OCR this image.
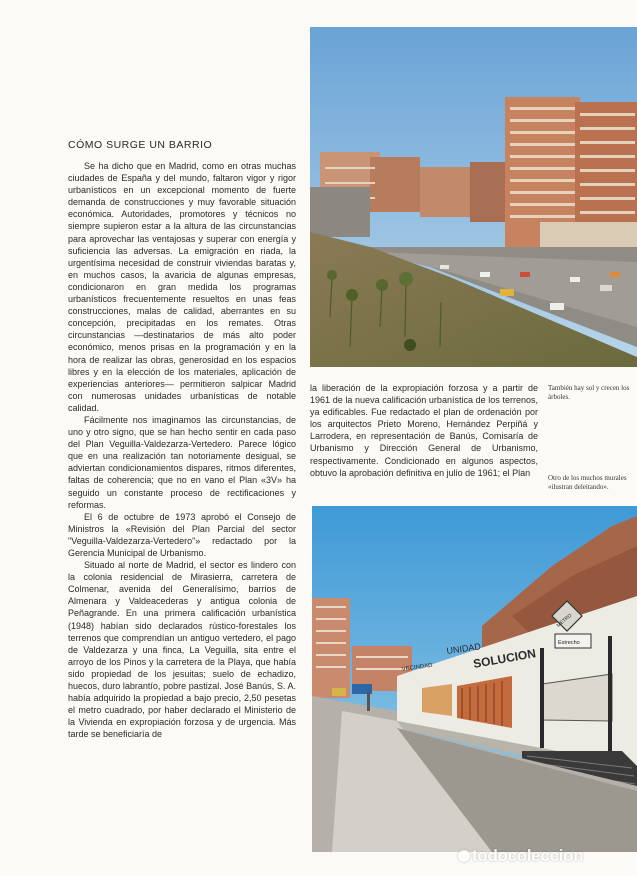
CÓMO SURGE UN BARRIO

Se ha dicho que en Madrid, como en otras muchas ciudades de España y del mundo, faltaron vigor y rigor urbanísticos en un excepcional momento de fuerte demanda de construcciones y muy favorable situación económica. Autoridades, promotores y técnicos no siempre supieron estar a la altura de las circunstancias para aprovechar las ventajosas y superar con energía y suficiencia las adversas. La emigración en riada, la urgentísima necesidad de construir viviendas baratas y, en muchos casos, la avaricia de algunas empresas, condicionaron en gran medida los programas urbanísticos frecuentemente resueltos en unas feas construcciones, malas de calidad, aberrantes en su concepción, precipitadas en los remates. Otras circunstancias —destinatarios de más alto poder económico, menos prisas en la programación y en la hora de realizar las obras, generosidad en los espacios libres y en la elección de los materiales, aplicación de experiencias anteriores— permitieron salpicar Madrid con numerosas unidades urbanísticas de notable calidad.

Fácilmente nos imaginamos las circunstancias, de uno y otro signo, que se han hecho sentir en cada paso del Plan Veguilla-Valdezarza-Vertedero. Parece lógico que en una realización tan notoriamente desigual, se adviertan condicionamientos dispares, ritmos diferentes, faltas de coherencia; que no en vano el Plan «3V» ha seguido un constante proceso de rectificaciones y reformas.

El 6 de octubre de 1973 aprobó el Consejo de Ministros la «Revisión del Plan Parcial del sector "Veguilla-Valdezarza-Vertedero"» redactado por la Gerencia Municipal de Urbanismo.

Situado al norte de Madrid, el sector es lindero con la colonia residencial de Mirasierra, carretera de Colmenar, avenida del Generalísimo, barrios de Almenara y Valdeacederas y antigua colonia de Peñagrande. En una primera calificación urbanística (1948) habían sido declarados rústico-forestales los terrenos que comprendían un antiguo vertedero, el pago de Valdezarza y una finca, La Veguilla, sita entre el arroyo de los Pinos y la carretera de la Playa, que había sido propiedad de los jesuitas; suelo de echadizo, huecos, duro labrantío, pobre pastizal. José Banús, S. A. había adquirido la propiedad a bajo precio, 2,50 pesetas el metro cuadrado, por haber declarado el Ministerio de la Vivienda en expropiación forzosa y de urgencia. Más tarde se beneficiaría de

la liberación de la expropiación forzosa y a partir de 1961 de la nueva calificación urbanística de los terrenos, ya edificables. Fue redactado el plan de ordenación por los arquitectos Prieto Moreno, Hernández Perpiñá y Larrodera, en representación de Banús, Comisaría de Urbanismo y Dirección General de Urbanismo, respectivamente. Condicionado en algunos aspectos, obtuvo la aprobación definitiva en julio de 1961; el Plan

También hay sol y crecen los árboles.
Otro de los muchos murales «ilustran deleitando».
UNIDAD
SOLUCION
VECINDAD
Estrecho
METRO
todocoleccion
